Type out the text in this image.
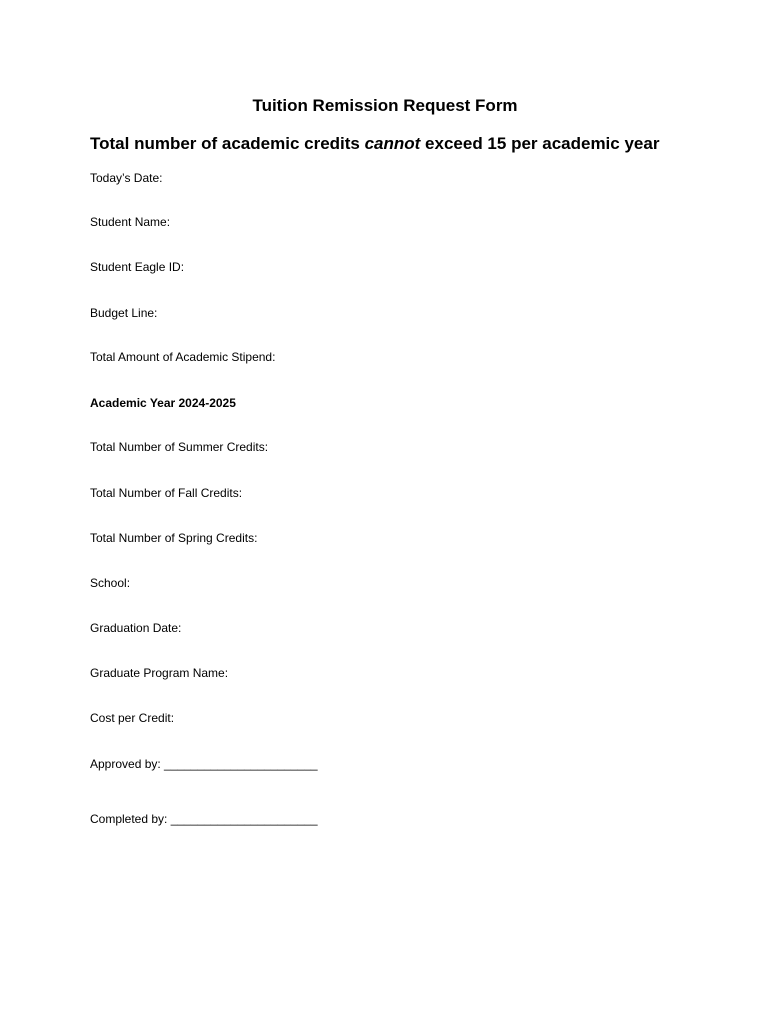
Tuition Remission Request Form
Total number of academic credits cannot exceed 15 per academic year
Today’s Date:
Student Name:
Student Eagle ID:
Budget Line:
Total Amount of Academic Stipend:
Academic Year 2024-2025
Total Number of Summer Credits:
Total Number of Fall Credits:
Total Number of Spring Credits:
School:
Graduation Date:
Graduate Program Name:
Cost per Credit:
Approved by: _______________________
Completed by: ______________________
